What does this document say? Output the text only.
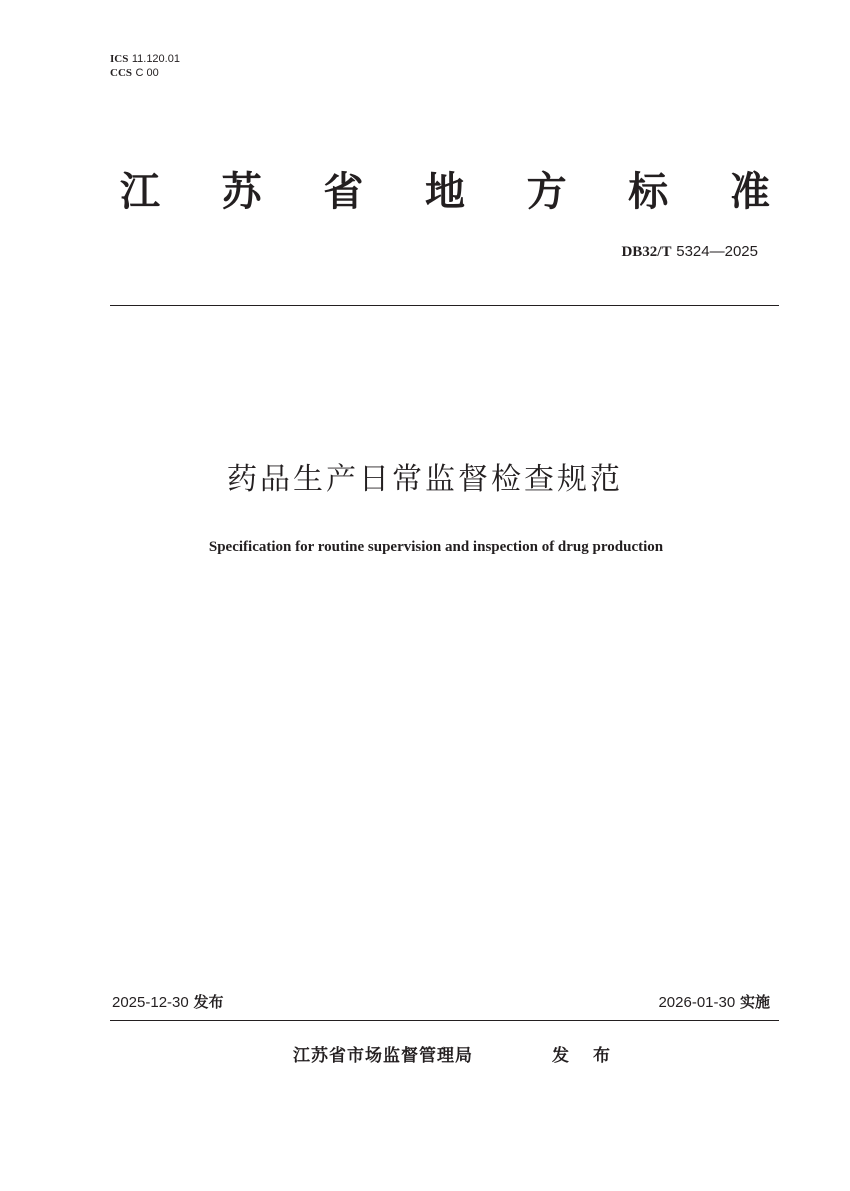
ICS 11.120.01
CCS C 00
江 苏 省 地 方 标 准
DB32/T 5324—2025
药品生产日常监督检查规范
Specification for routine supervision and inspection of drug production
2025-12-30 发布	2026-01-30 实施
江苏省市场监督管理局	发 布
